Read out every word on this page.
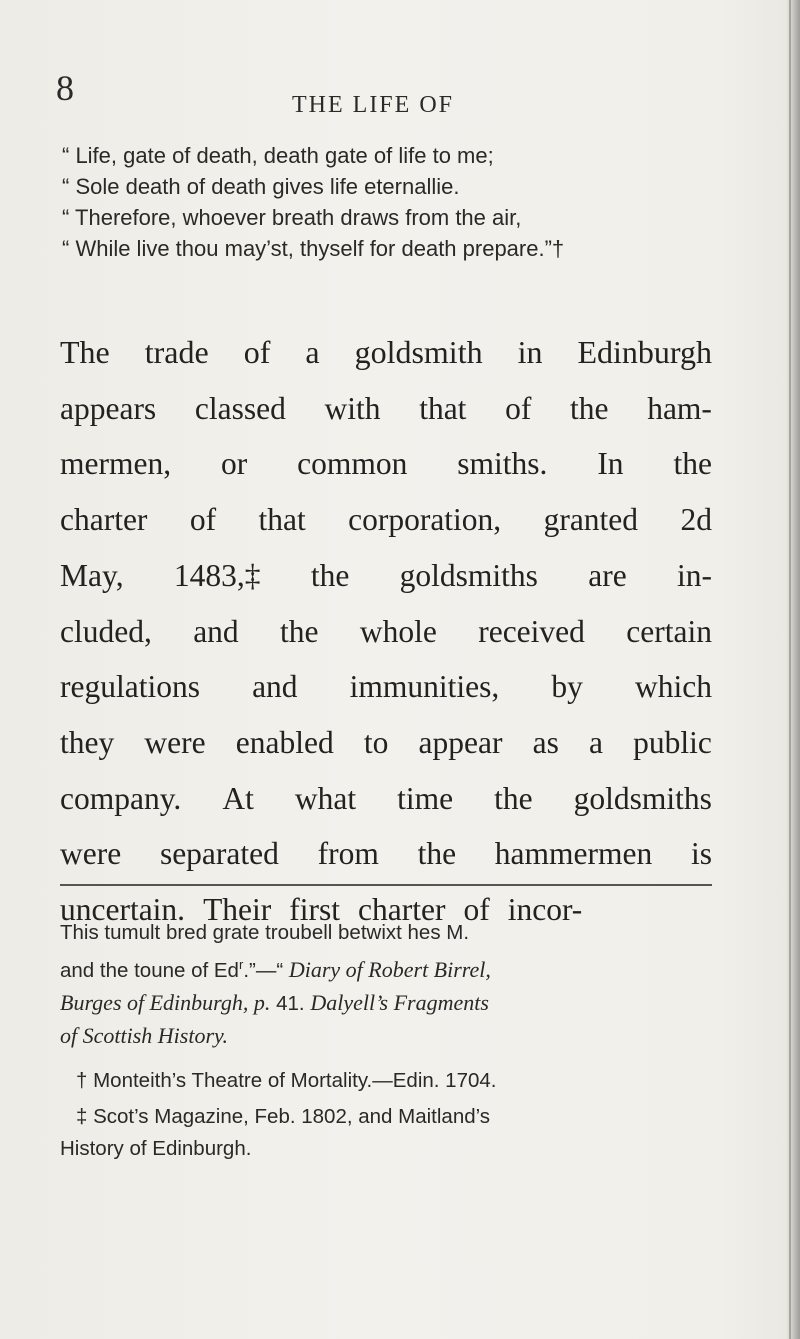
8	THE LIFE OF
“ Life, gate of death, death gate of life to me;
“ Sole death of death gives life eternallie.
“ Therefore, whoever breath draws from the air,
“ While live thou may’st, thyself for death prepare.”†
The trade of a goldsmith in Edinburgh
appears classed with that of the ham-
mermen, or common smiths. In the
charter of that corporation, granted 2d
May, 1483,‡ the goldsmiths are in-
cluded, and the whole received certain
regulations and immunities, by which
they were enabled to appear as a public
company. At what time the goldsmiths
were separated from the hammermen is
uncertain. Their first charter of incor-
This tumult bred grate troubell betwixt hes M.
and the toune of Ed$^r$.”—“ Diary of Robert Birrel,
Burges of Edinburgh, p. 41. Dalyell’s Fragments
of Scottish History.
† Monteith’s Theatre of Mortality.—Edin. 1704.
‡ Scot’s Magazine, Feb. 1802, and Maitland’s
History of Edinburgh.
